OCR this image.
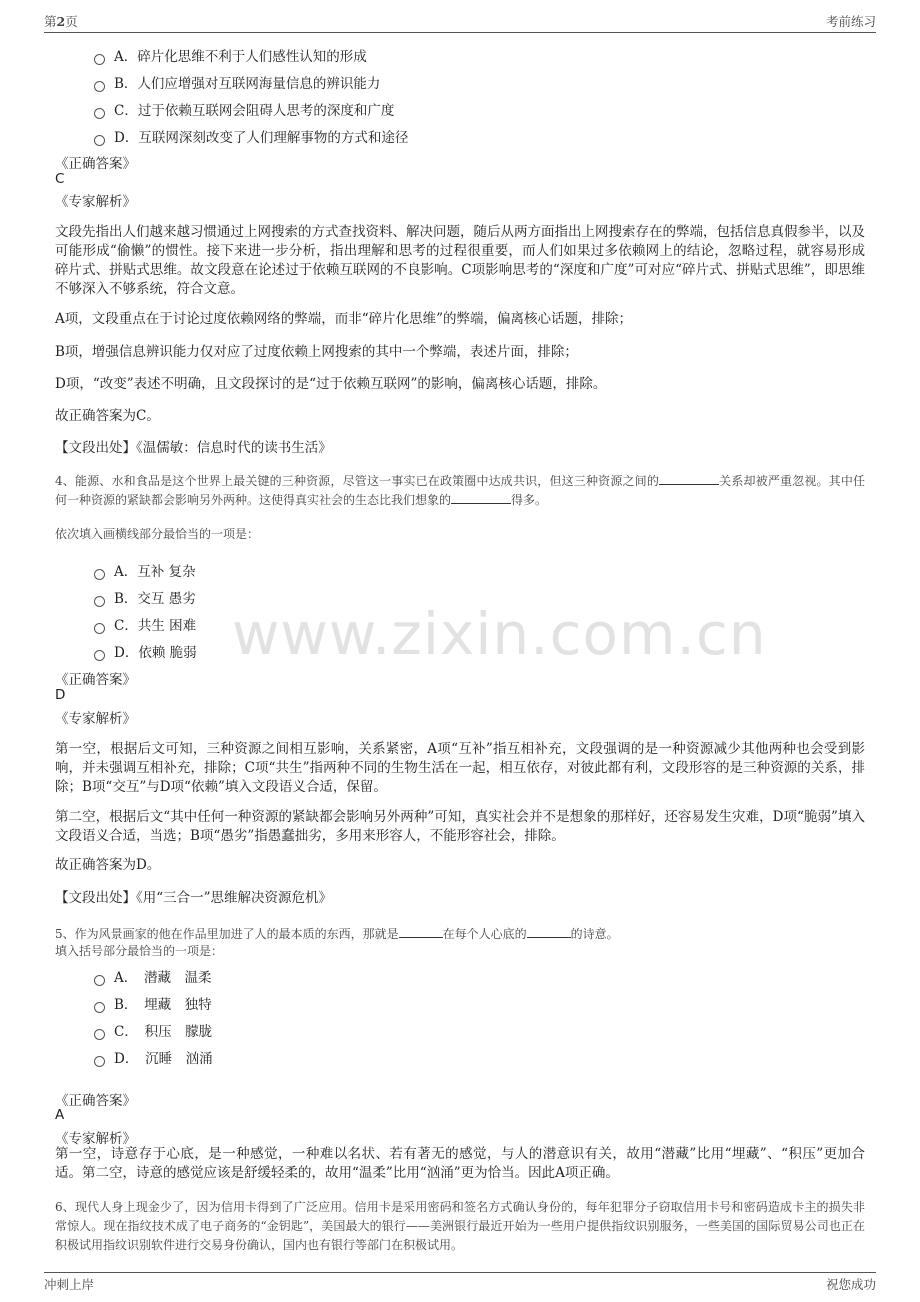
第2页	考前练习
www.zixin.com.cn
A．碎片化思维不利于人们感性认知的形成
B．人们应增强对互联网海量信息的辨识能力
C．过于依赖互联网会阻碍人思考的深度和广度
D．互联网深刻改变了人们理解事物的方式和途径
《正确答案》
C
《专家解析》
文段先指出人们越来越习惯通过上网搜索的方式查找资料、解决问题，随后从两方面指出上网搜索存在的弊端，包括信息真假参半，以及可能形成“偷懒”的惯性。接下来进一步分析，指出理解和思考的过程很重要，而人们如果过多依赖网上的结论，忽略过程，就容易形成碎片式、拼贴式思维。故文段意在论述过于依赖互联网的不良影响。C项影响思考的“深度和广度”可对应“碎片式、拼贴式思维”，即思维不够深入不够系统，符合文意。
A项，文段重点在于讨论过度依赖网络的弊端，而非“碎片化思维”的弊端，偏离核心话题，排除；
B项，增强信息辨识能力仅对应了过度依赖上网搜索的其中一个弊端，表述片面，排除；
D项，“改变”表述不明确，且文段探讨的是“过于依赖互联网”的影响，偏离核心话题，排除。
故正确答案为C。
【文段出处】《温儒敏：信息时代的读书生活》
4、能源、水和食品是这个世界上最关键的三种资源，尽管这一事实已在政策圈中达成共识，但这三种资源之间的	关系却被严重忽视。其中任何一种资源的紧缺都会影响另外两种。这使得真实社会的生态比我们想象的	得多。
依次填入画横线部分最恰当的一项是：
A．互补 复杂
B．交互 愚劣
C．共生 困难
D．依赖 脆弱
《正确答案》
D
《专家解析》
第一空，根据后文可知，三种资源之间相互影响，关系紧密，A项“互补”指互相补充，文段强调的是一种资源减少其他两种也会受到影响，并未强调互相补充，排除；C项“共生”指两种不同的生物生活在一起，相互依存，对彼此都有利，文段形容的是三种资源的关系，排除；B项“交互”与D项“依赖”填入文段语义合适，保留。
第二空，根据后文“其中任何一种资源的紧缺都会影响另外两种”可知，真实社会并不是想象的那样好，还容易发生灾难，D项“脆弱”填入文段语义合适，当选；B项“愚劣”指愚蠢拙劣，多用来形容人，不能形容社会，排除。
故正确答案为D。
【文段出处】《用“三合一”思维解决资源危机》
5、作为风景画家的他在作品里加进了人的最本质的东西，那就是	在每个人心底的	的诗意。
填入括号部分最恰当的一项是：
A．　潜藏　温柔
B．　埋藏　独特
C．　积压　朦胧
D．　沉睡　汹涌
《正确答案》
A
《专家解析》
第一空，诗意存于心底，是一种感觉，一种难以名状、若有著无的感觉，与人的潜意识有关，故用“潜藏”比用“埋藏”、“积压”更加合适。第二空，诗意的感觉应该是舒缓轻柔的，故用“温柔”比用“汹涌”更为恰当。因此A项正确。
6、现代人身上现金少了，因为信用卡得到了广泛应用。信用卡是采用密码和签名方式确认身份的，每年犯罪分子窃取信用卡号和密码造成卡主的损失非常惊人。现在指纹技术成了电子商务的“金钥匙”，美国最大的银行——美洲银行最近开始为一些用户提供指纹识别服务，一些美国的国际贸易公司也正在积极试用指纹识别软件进行交易身份确认，国内也有银行等部门在积极试用。
冲刺上岸	祝您成功
